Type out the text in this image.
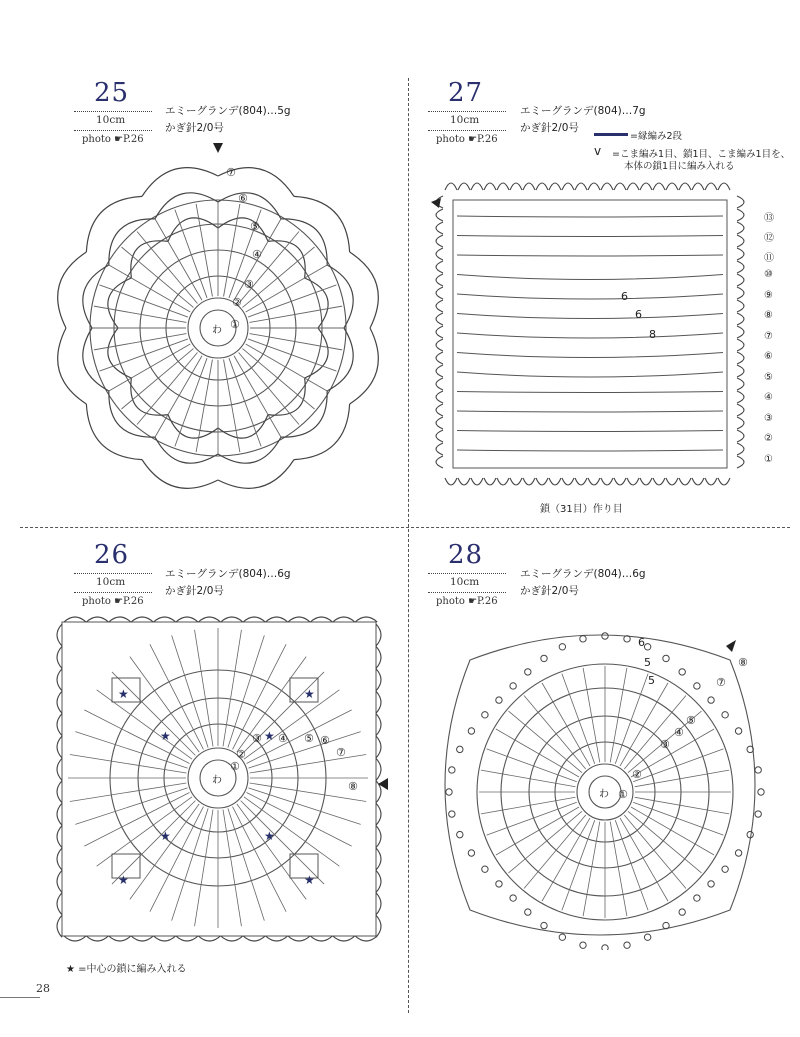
25
10cm
photo ☛P.26
エミーグランデ(804)…5g
かぎ針2/0号
わ ①
②
③
④
⑤
⑥
⑦
27
10cm
photo ☛P.26
エミーグランデ(804)…7g
かぎ針2/0号
=縁編み2段
ⅴ =こま編み1目、鎖1目、こま編み1目を、
本体の鎖1目に編み入れる
6
6
8
⑬
⑫
⑪
⑩
⑨
⑧
⑦
⑥
⑤
④
③
②
①
鎖（31目）作り目
26
10cm
photo ☛P.26
エミーグランデ(804)…6g
かぎ針2/0号
★	★
★	★
★	★
★	★
わ
①
②
③ ④ ⑤ ⑥
⑦
⑧
★ =中心の鎖に編み入れる
28
10cm
photo ☛P.26
エミーグランデ(804)…6g
かぎ針2/0号
わ ①
②
③
④
⑤
⑦
⑧
6
5
5
28
